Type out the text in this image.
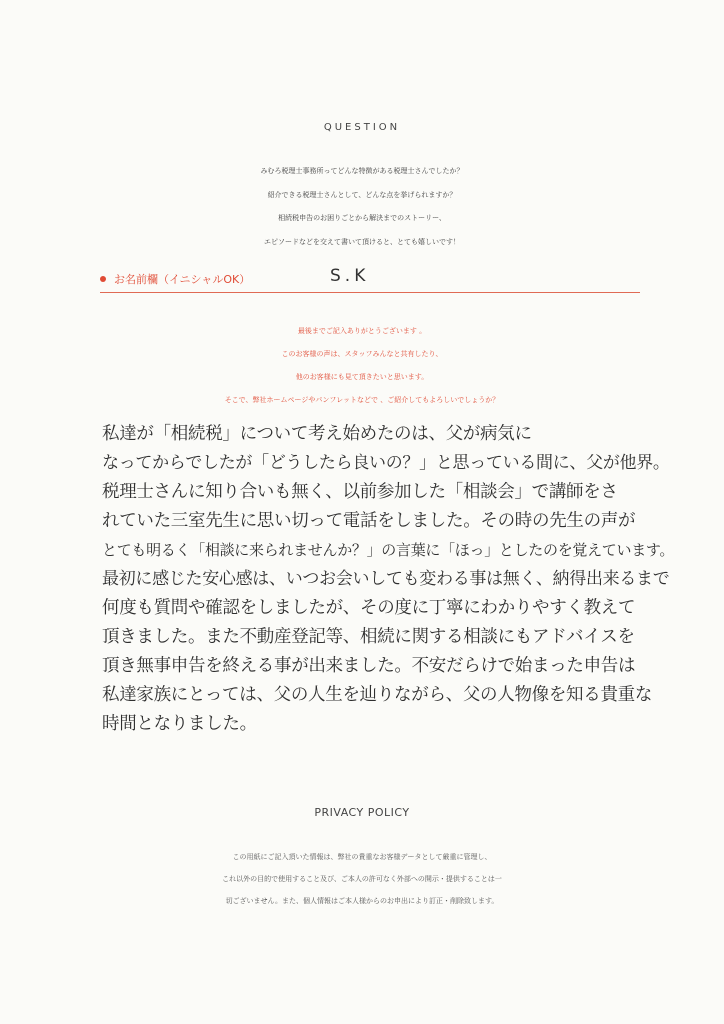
QUESTION
みむろ税理士事務所ってどんな特徴がある税理士さんでしたか？
紹介できる税理士さんとして、どんな点を挙げられますか？
相続税申告のお困りごとから解決までのストーリー、
エピソードなどを交えて書いて頂けると、とても嬉しいです！
お名前欄（イニシャルOK）	S.K
最後までご記入ありがとうございます 。
このお客様の声は、スタッフみんなと共有したり、
他のお客様にも見て頂きたいと思います。
そこで、弊社ホームページやパンフレットなどで 、ご紹介してもよろしいでしょうか？
私達が「相続税」について考え始めたのは、父が病気に
なってからでしたが「どうしたら良いの？」と思っている間に、父が他界。
税理士さんに知り合いも無く、以前参加した「相談会」で講師をさ
れていた三室先生に思い切って電話をしました。その時の先生の声が
とても明るく「相談に来られませんか？」の言葉に「ほっ」としたのを覚えています。
最初に感じた安心感は、いつお会いしても変わる事は無く、納得出来るまで
何度も質問や確認をしましたが、その度に丁寧にわかりやすく教えて
頂きました。また不動産登記等、相続に関する相談にもアドバイスを
頂き無事申告を終える事が出来ました。不安だらけで始まった申告は
私達家族にとっては、父の人生を辿りながら、父の人物像を知る貴重な
時間となりました。
PRIVACY POLICY
この用紙にご記入頂いた情報は、弊社の貴重なお客様データとして厳重に管理し、
これ以外の目的で使用すること及び、ご本人の許可なく外部への開示・提供することは一
切ございません。また、個人情報はご本人様からのお申出により訂正・削除致します。
